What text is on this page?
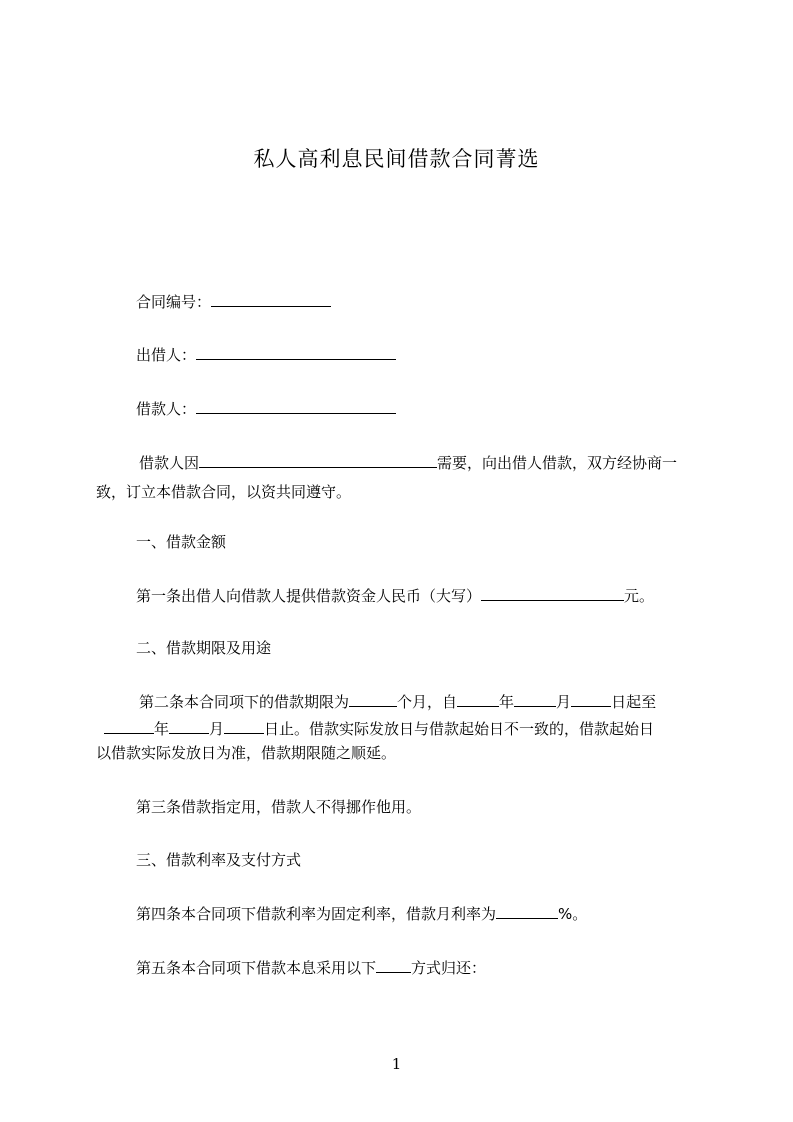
私人高利息民间借款合同菁选
合同编号：
出借人：
借款人：
借款人因	需要，向出借人借款，双方经协商一
致，订立本借款合同，以资共同遵守。
一、借款金额
第一条出借人向借款人提供借款资金人民币（大写）	元。
二、借款期限及用途
第二条本合同项下的借款期限为	个月，自	年	月	日起至
年	月	日止。借款实际发放日与借款起始日不一致的，借款起始日
以借款实际发放日为准，借款期限随之顺延。
第三条借款指定用，借款人不得挪作他用。
三、借款利率及支付方式
第四条本合同项下借款利率为固定利率，借款月利率为	%。
第五条本合同项下借款本息采用以下 方式归还：
1
